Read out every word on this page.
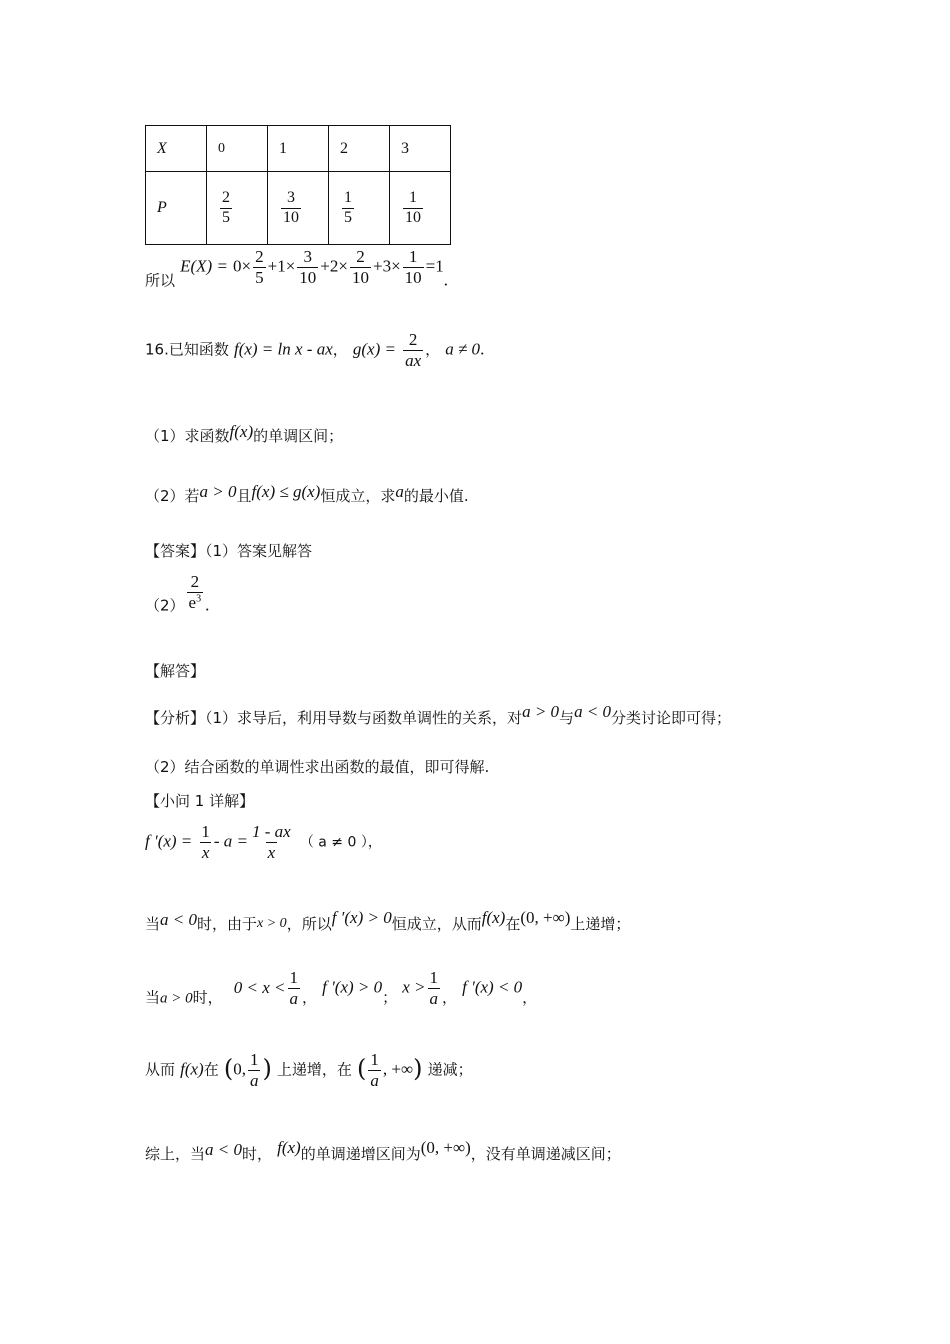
X	0	1	2	3
P	$\frac{2}{5}$	$\frac{3}{10}$	$\frac{1}{5}$	$\frac{1}{10}$
所以 $E(X) = 0\times \frac{2}{5} +1\times \frac{3}{10} +2\times \frac{2}{10} +3\times \frac{1}{10} =1$.
16.已知函数 f(x) = ln x - ax， $g(x) = \frac{2}{ax}$ ， a ≠ 0.
（1）求函数f(x)的单调区间；
（2）若a > 0且f(x) ≤ g(x)恒成立，求a的最小值.
【答案】（1）答案见解答
$(2) \frac{2}{e^3}$ .
【解答】
【分析】（1）求导后，利用导数与函数单调性的关系，对a > 0与a < 0分类讨论即可得；
（2）结合函数的单调性求出函数的最值，即可得解.
【小问 1 详解】
f $'(x) = \frac{1}{x} - a = \frac{1 - ax}{x}$ （ a ≠ 0 ），
当a < 0时，由于x > 0，所以f ′(x) > 0恒成立，从而f(x)在(0, +∞)上递增；
当a > 0时， $0 < x < \frac{1}{a}$ ， f ′(x) > 0； $x > \frac{1}{a}$ ， f ′(x) < 0，
从而 f(x)在 (0, $\frac{1}{a}$ ) 上递增，在 ( $\frac{1}{a}$ , +∞) 递减；
综上，当a < 0时， f(x)的单调递增区间为(0, +∞)，没有单调递减区间；
